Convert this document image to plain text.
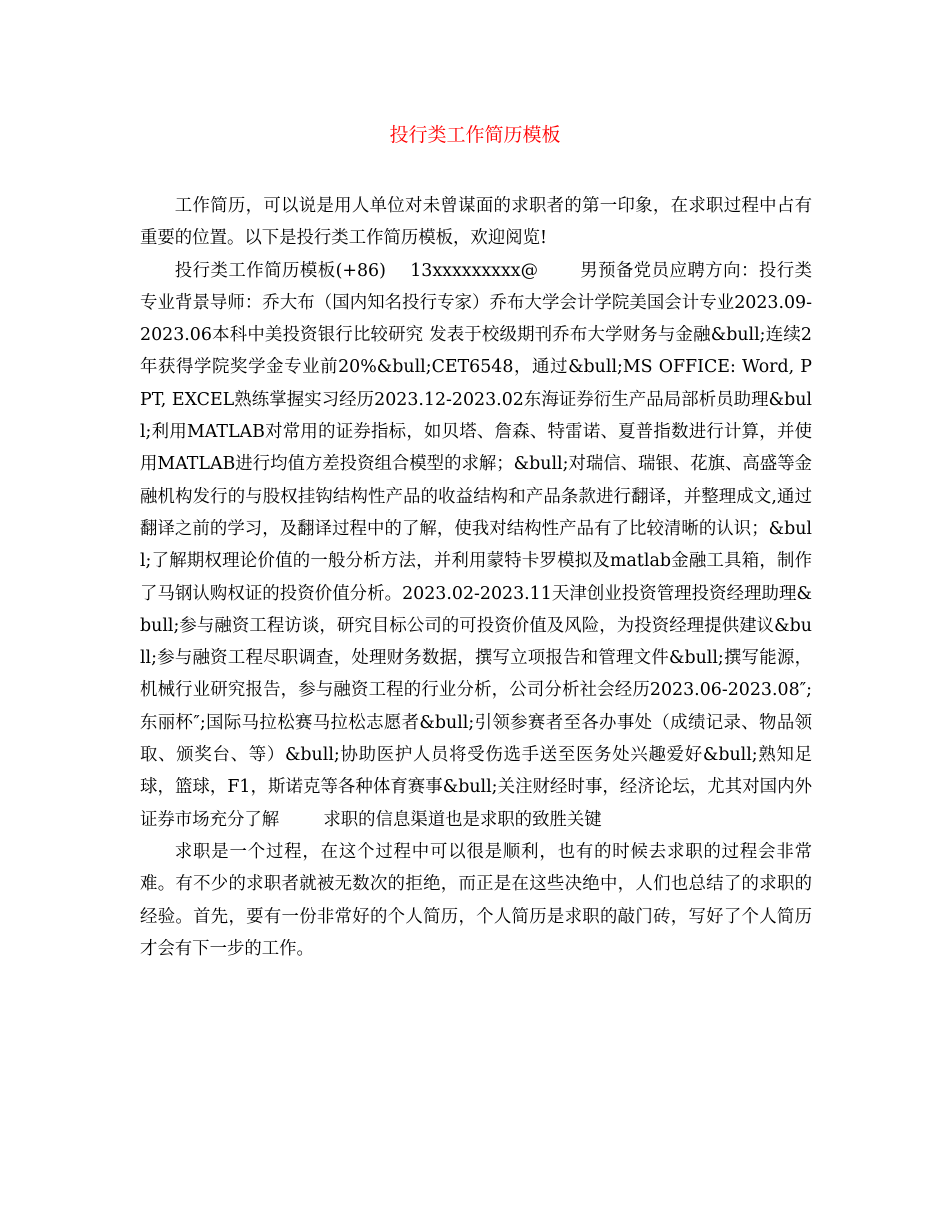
投行类工作简历模板

工作简历，可以说是用人单位对未曾谋面的求职者的第一印象，在求职过程中占有重要的位置。以下是投行类工作简历模板，欢迎阅览!

投行类工作简历模板(+86)　 13xxxxxxxxx@　　 男预备党员应聘方向：投行类专业背景导师：乔大布（国内知名投行专家）乔布大学会计学院美国会计专业2023.09-2023.06本科中美投资银行比较研究 发表于校级期刊乔布大学财务与金融&bull;连续2年获得学院奖学金专业前20%&bull;CET6548，通过&bull;MS OFFICE: Word, PPT, EXCEL熟练掌握实习经历2023.12-2023.02东海证券衍生产品局部析员助理&bull;利用MATLAB对常用的证券指标，如贝塔、詹森、特雷诺、夏普指数进行计算，并使用MATLAB进行均值方差投资组合模型的求解；&bull;对瑞信、瑞银、花旗、高盛等金融机构发行的与股权挂钩结构性产品的收益结构和产品条款进行翻译，并整理成文,通过翻译之前的学习，及翻译过程中的了解，使我对结构性产品有了比较清晰的认识；&bull;了解期权理论价值的一般分析方法，并利用蒙特卡罗模拟及matlab金融工具箱，制作了马钢认购权证的投资价值分析。2023.02-2023.11天津创业投资管理投资经理助理&bull;参与融资工程访谈，研究目标公司的可投资价值及风险，为投资经理提供建议&bull;参与融资工程尽职调查，处理财务数据，撰写立项报告和管理文件&bull;撰写能源，机械行业研究报告，参与融资工程的行业分析，公司分析社会经历2023.06-2023.08″;东丽杯″;国际马拉松赛马拉松志愿者&bull;引领参赛者至各办事处（成绩记录、物品领取、颁奖台、等）&bull;协助医护人员将受伤选手送至医务处兴趣爱好&bull;熟知足球，篮球，F1，斯诺克等各种体育赛事&bull;关注财经时事，经济论坛，尤其对国内外证券市场充分了解	求职的信息渠道也是求职的致胜关键

求职是一个过程，在这个过程中可以很是顺利，也有的时候去求职的过程会非常难。有不少的求职者就被无数次的拒绝，而正是在这些决绝中，人们也总结了的求职的经验。首先，要有一份非常好的个人简历，个人简历是求职的敲门砖，写好了个人简历才会有下一步的工作。
